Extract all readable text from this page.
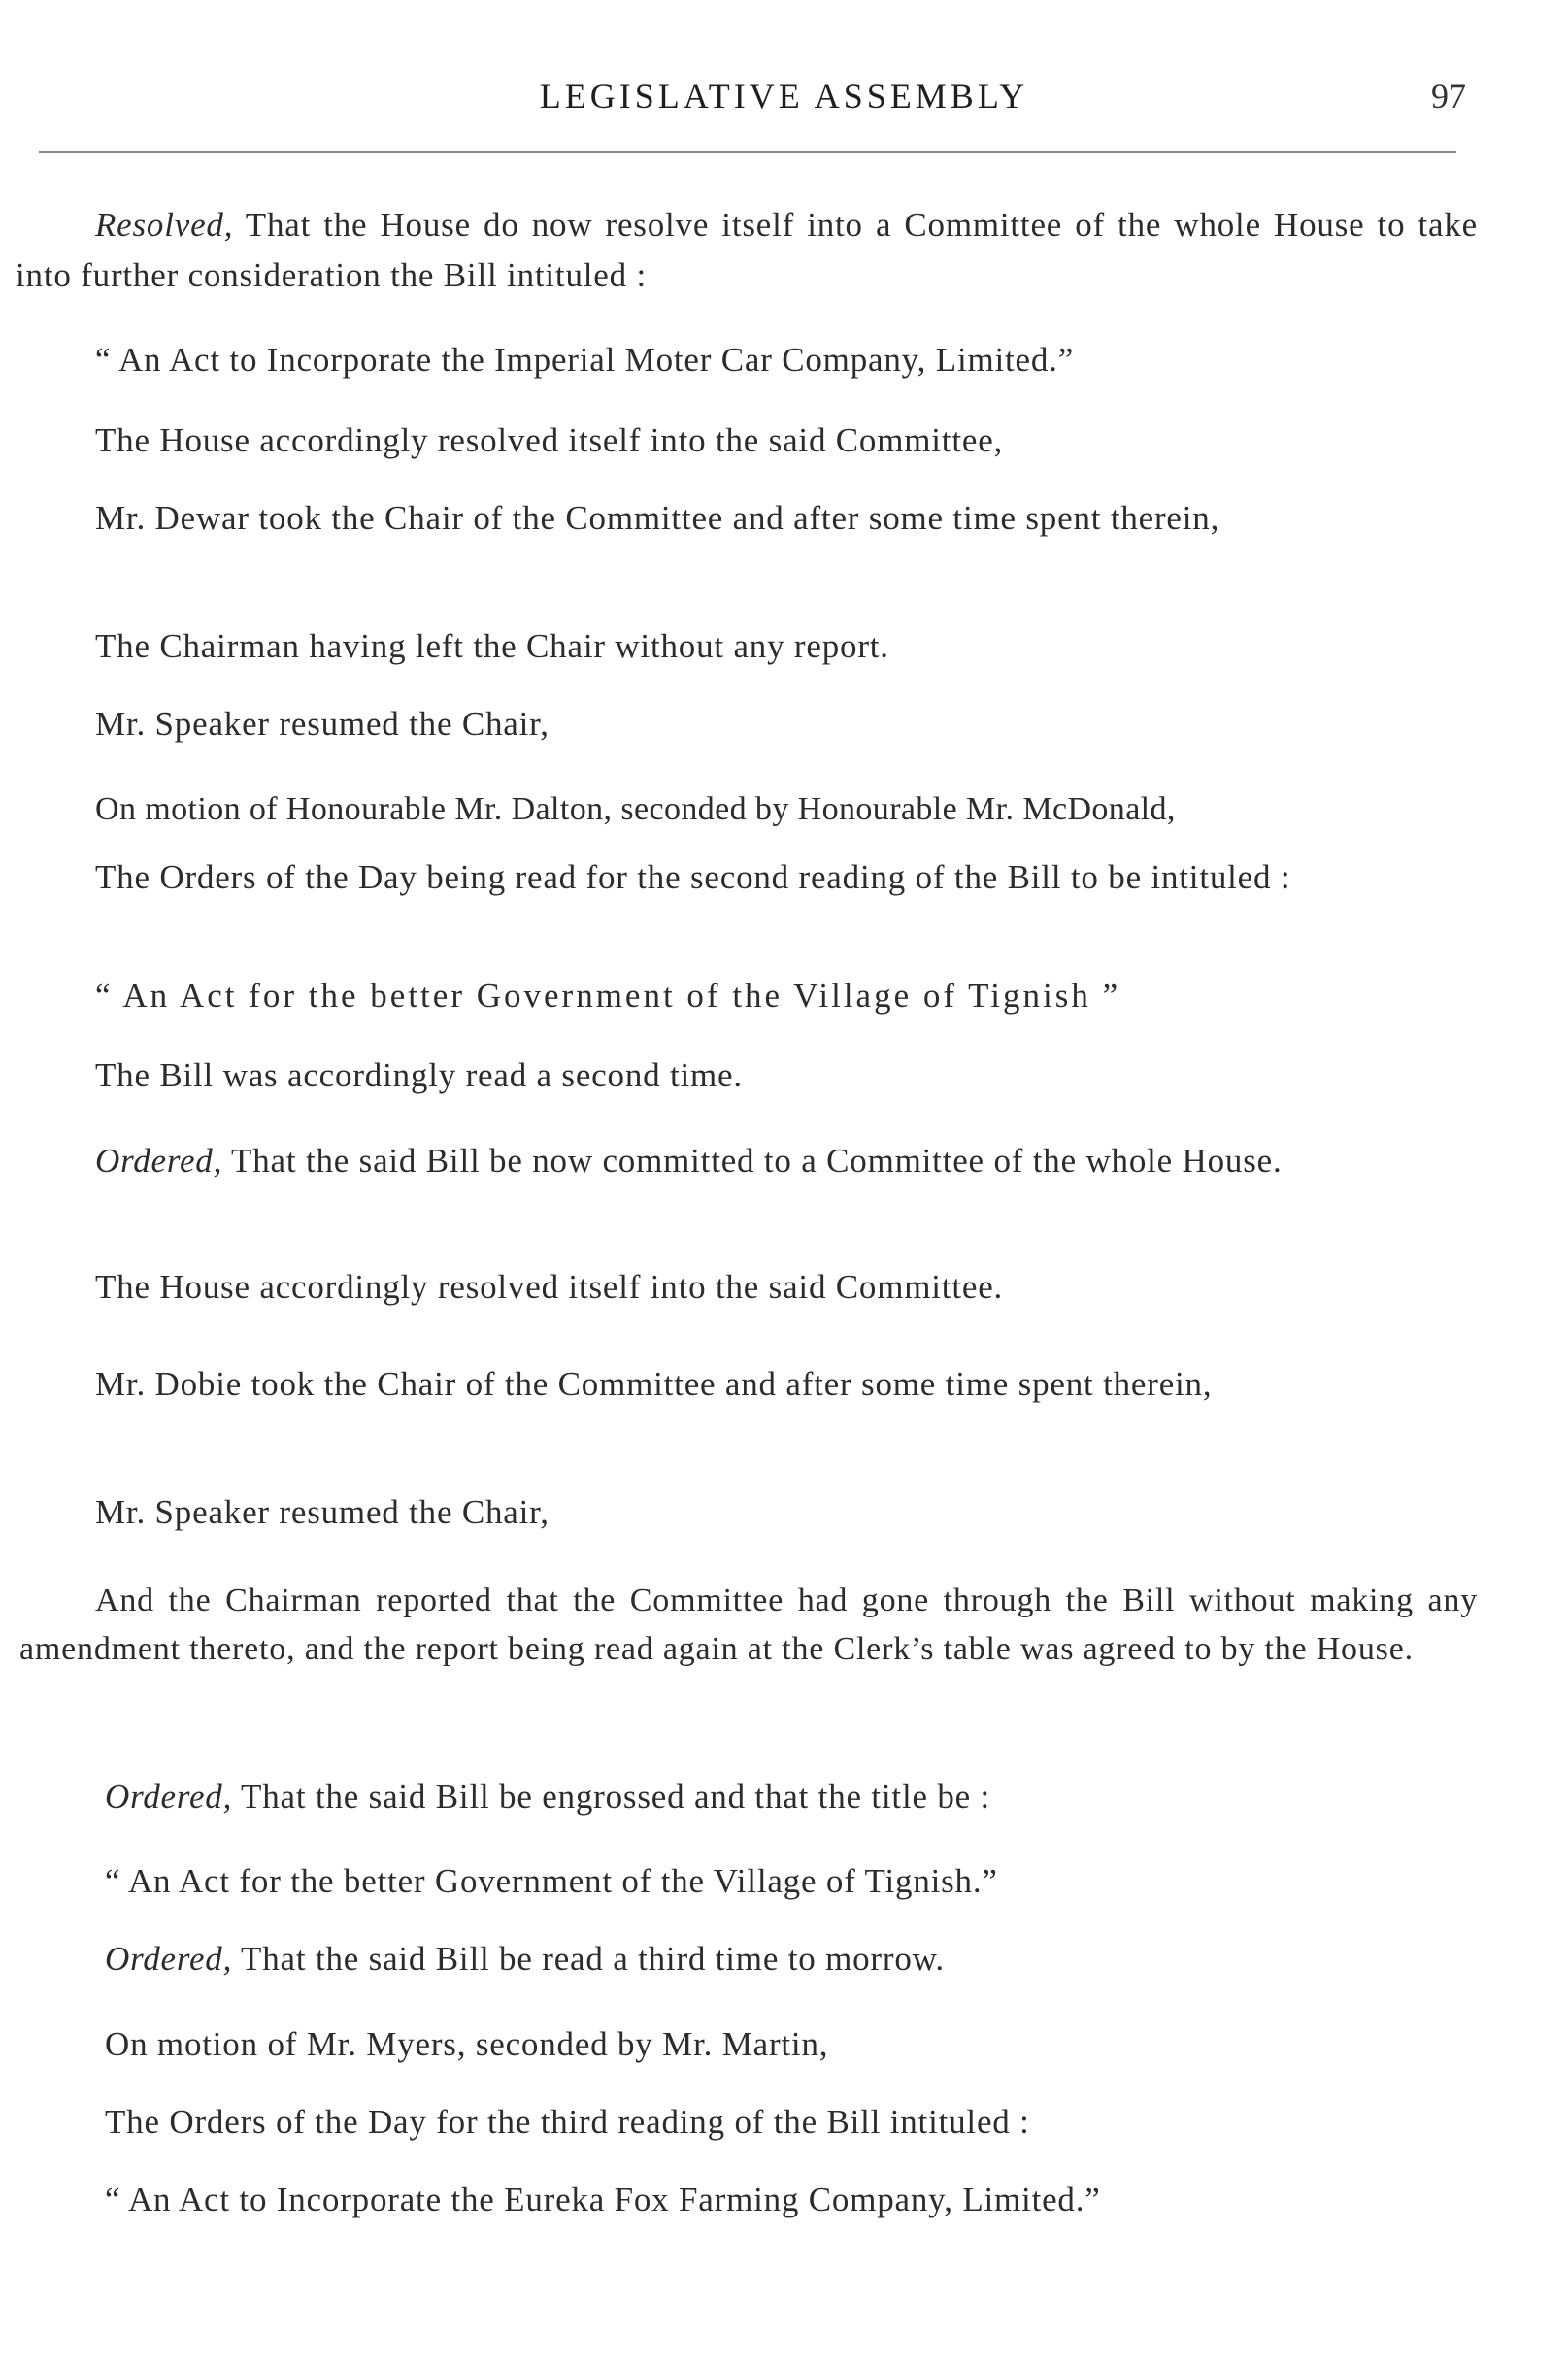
LEGISLATIVE ASSEMBLY	97

Resolved, That the House do now resolve itself into a Committee of the whole House to take into further consideration the Bill intituled :

“ An Act to Incorporate the Imperial Moter Car Company, Limited.”

The House accordingly resolved itself into the said Committee,

Mr. Dewar took the Chair of the Committee and after some time spent therein,

The Chairman having left the Chair without any report.

Mr. Speaker resumed the Chair,

On motion of Honourable Mr. Dalton, seconded by Honourable Mr. McDonald,

The Orders of the Day being read for the second reading of the Bill to be intituled :

“ An Act for the better Government of the Village of Tignish ”

The Bill was accordingly read a second time.

Ordered, That the said Bill be now committed to a Committee of the whole House.

The House accordingly resolved itself into the said Committee.

Mr. Dobie took the Chair of the Committee and after some time spent therein,

Mr. Speaker resumed the Chair,

And the Chairman reported that the Committee had gone through the Bill without making any amendment thereto, and the report being read again at the Clerk’s table was agreed to by the House.

Ordered, That the said Bill be engrossed and that the title be :

“ An Act for the better Government of the Village of Tignish.”

Ordered, That the said Bill be read a third time to morrow.

On motion of Mr. Myers, seconded by Mr. Martin,

The Orders of the Day for the third reading of the Bill intituled :

“ An Act to Incorporate the Eureka Fox Farming Company, Limited.”
